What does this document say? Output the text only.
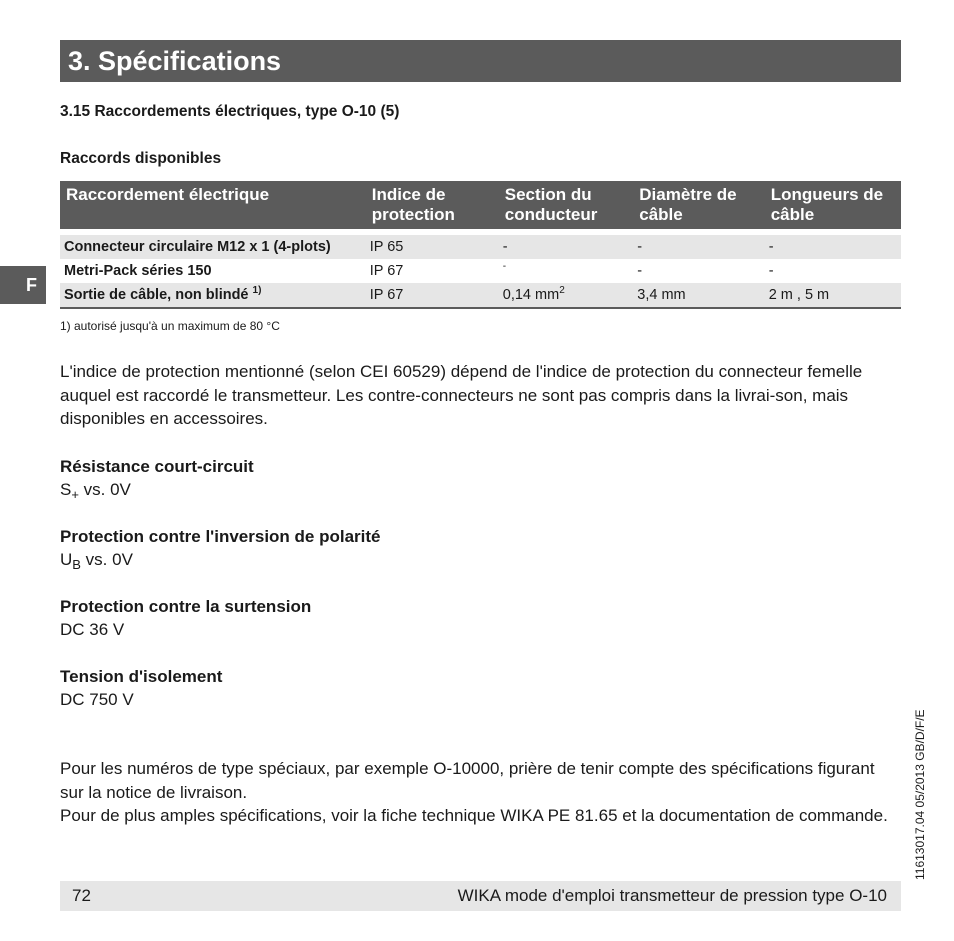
3. Spécifications
F
3.15 Raccordements électriques, type O-10 (5)
Raccords disponibles
Raccordement électrique	Indice de protection	Section du conducteur	Diamètre de câble	Longueurs de câble

Connecteur circulaire M12 x 1 (4-plots)	IP 65	-	-	-
Metri-Pack séries 150	IP 67	-	-	-
Sortie de câble, non blindé $^{1)}$	IP 67	0,14 $mm^2$	3,4 mm	2 m , 5 m
1) autorisé jusqu'à un maximum de 80 °C
L'indice de protection mentionné (selon CEI 60529) dépend de l'indice de protection du connecteur femelle auquel est raccordé le transmetteur. Les contre-connecteurs ne sont pas compris dans la livrai-son, mais disponibles en accessoires.
Résistance court-circuit
$S_+$ vs. 0V
Protection contre l'inversion de polarité
$U_B$ vs. 0V
Protection contre la surtension
DC 36 V
Tension d'isolement
DC 750 V
Pour les numéros de type spéciaux, par exemple O-10000, prière de tenir compte des spécifications figurant sur la notice de livraison.
Pour de plus amples spécifications, voir la fiche technique WIKA PE 81.65 et la documentation de commande.	11613017.04 05/2013 GB/D/F/E
72	WIKA mode d'emploi transmetteur de pression type O-10
